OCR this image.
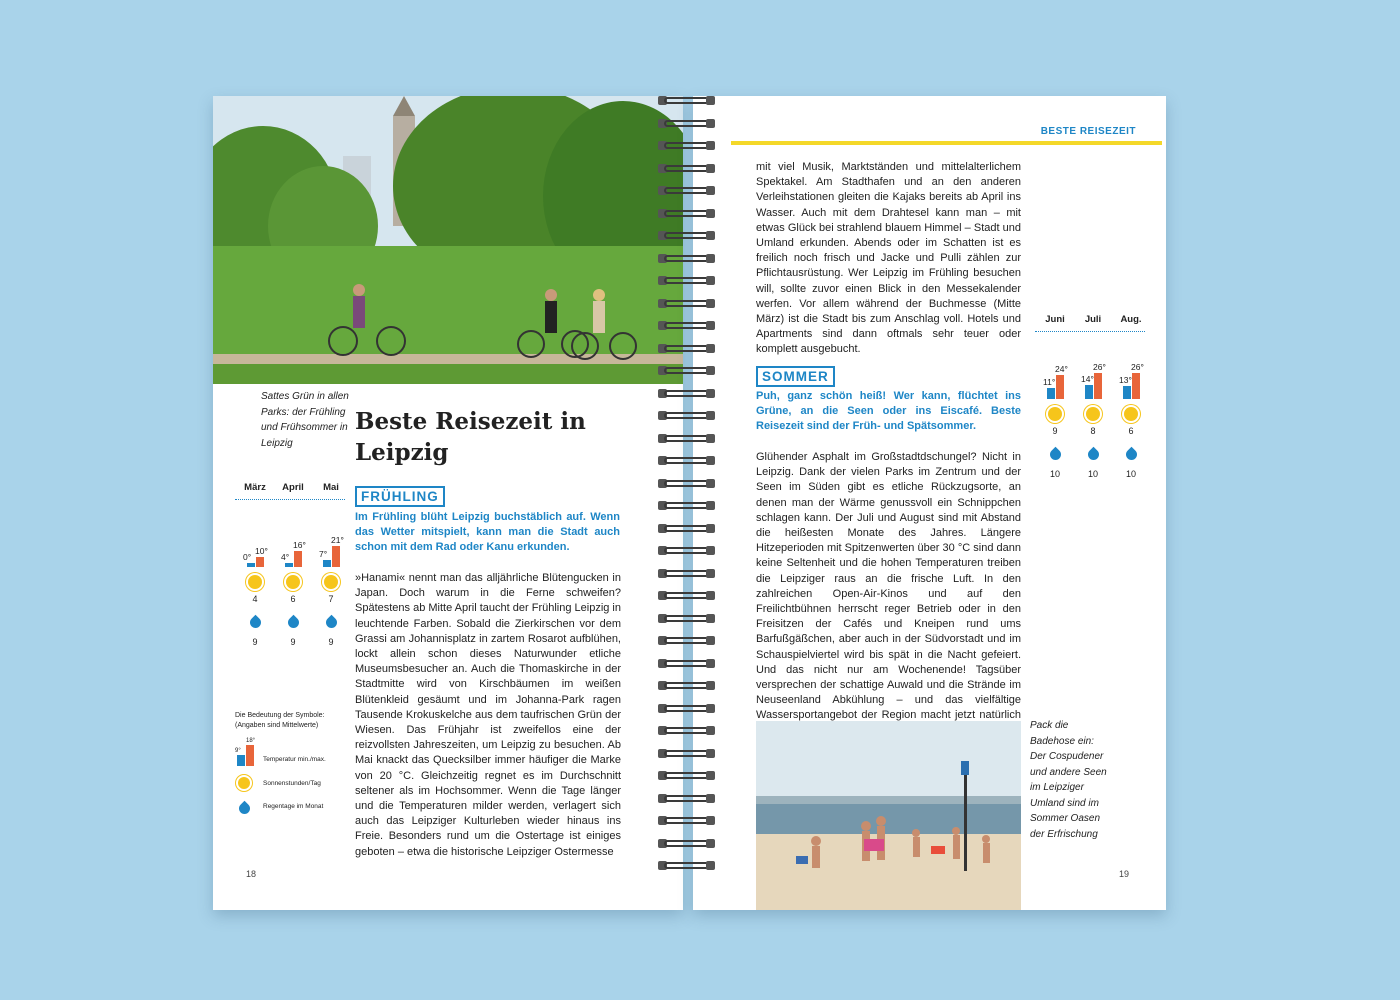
Sattes Grün in allen Parks: der Frühling und Frühsommer in Leipzig
Beste Reisezeit in Leipzig
FRÜHLING
Im Frühling blüht Leipzig buchstäblich auf. Wenn das Wetter mitspielt, kann man die Stadt auch schon mit dem Rad oder Kanu erkunden.
»Hanami« nennt man das alljährliche Blütengucken in Japan. Doch warum in die Ferne schweifen? Spätestens ab Mitte April taucht der Frühling Leipzig in leuchtende Farben. Sobald die Zierkirschen vor dem Grassi am Johannisplatz in zartem Rosarot aufblühen, lockt allein schon dieses Naturwunder etliche Museumsbesucher an. Auch die Thomaskirche in der Stadtmitte wird von Kirschbäumen im weißen Blütenkleid gesäumt und im Johanna-Park ragen Tausende Krokuskelche aus dem taufrischen Grün der Wiesen. Das Frühjahr ist zweifellos eine der reizvollsten Jahreszeiten, um Leipzig zu besuchen. Ab Mai knackt das Quecksilber immer häufiger die Marke von 20 °C. Gleichzeitig regnet es im Durchschnitt seltener als im Hochsommer. Wenn die Tage länger und die Temperaturen milder werden, verlagert sich auch das Leipziger Kulturleben wieder hinaus ins Freie. Besonders rund um die Ostertage ist einiges geboten – etwa die historische Leipziger Ostermesse
März
0°
10°
4
9
April
4°
16°
6
9
Mai
7°
21°
7
9
Die Bedeutung der Symbole: (Angaben sind Mittelwerte)
9°
18°
Temperatur min./max.
Sonnenstunden/Tag
Regentage im Monat
18
BESTE REISEZEIT
mit viel Musik, Marktständen und mittelalterlichem Spektakel. Am Stadthafen und an den anderen Verleihstationen gleiten die Kajaks bereits ab April ins Wasser. Auch mit dem Drahtesel kann man – mit etwas Glück bei strahlend blauem Himmel – Stadt und Umland erkunden. Abends oder im Schatten ist es freilich noch frisch und Jacke und Pulli zählen zur Pflichtausrüstung. Wer Leipzig im Frühling besuchen will, sollte zuvor einen Blick in den Messekalender werfen. Vor allem während der Buchmesse (Mitte März) ist die Stadt bis zum Anschlag voll. Hotels und Apartments sind dann oftmals sehr teuer oder komplett ausgebucht.
SOMMER
Puh, ganz schön heiß! Wer kann, flüchtet ins Grüne, an die Seen oder ins Eiscafé. Beste Reisezeit sind der Früh- und Spätsommer.
Glühender Asphalt im Großstadtdschungel? Nicht in Leipzig. Dank der vielen Parks im Zentrum und der Seen im Süden gibt es etliche Rückzugsorte, an denen man der Wärme genussvoll ein Schnippchen schlagen kann. Der Juli und August sind mit Abstand die heißesten Monate des Jahres. Längere Hitzeperioden mit Spitzenwerten über 30 °C sind dann keine Seltenheit und die hohen Temperaturen treiben die Leipziger raus an die frische Luft. In den zahlreichen Open-Air-Kinos und auf den Freilichtbühnen herrscht reger Betrieb oder in den Freisitzen der Cafés und Kneipen rund ums Barfußgäßchen, aber auch in der Südvorstadt und im Schauspielviertel wird bis spät in die Nacht gefeiert. Und das nicht nur am Wochenende! Tagsüber versprechen der schattige Auwald und die Strände im Neuseenland Abkühlung – und das vielfältige Wassersportangebot der Region macht jetzt natürlich
Juni
11°
24°
9
10
Juli
14°
26°
8
10
Aug.
13°
26°
6
10
Pack die Badehose ein: Der Cospudener und andere Seen im Leipziger Umland sind im Sommer Oasen der Erfrischung
19
